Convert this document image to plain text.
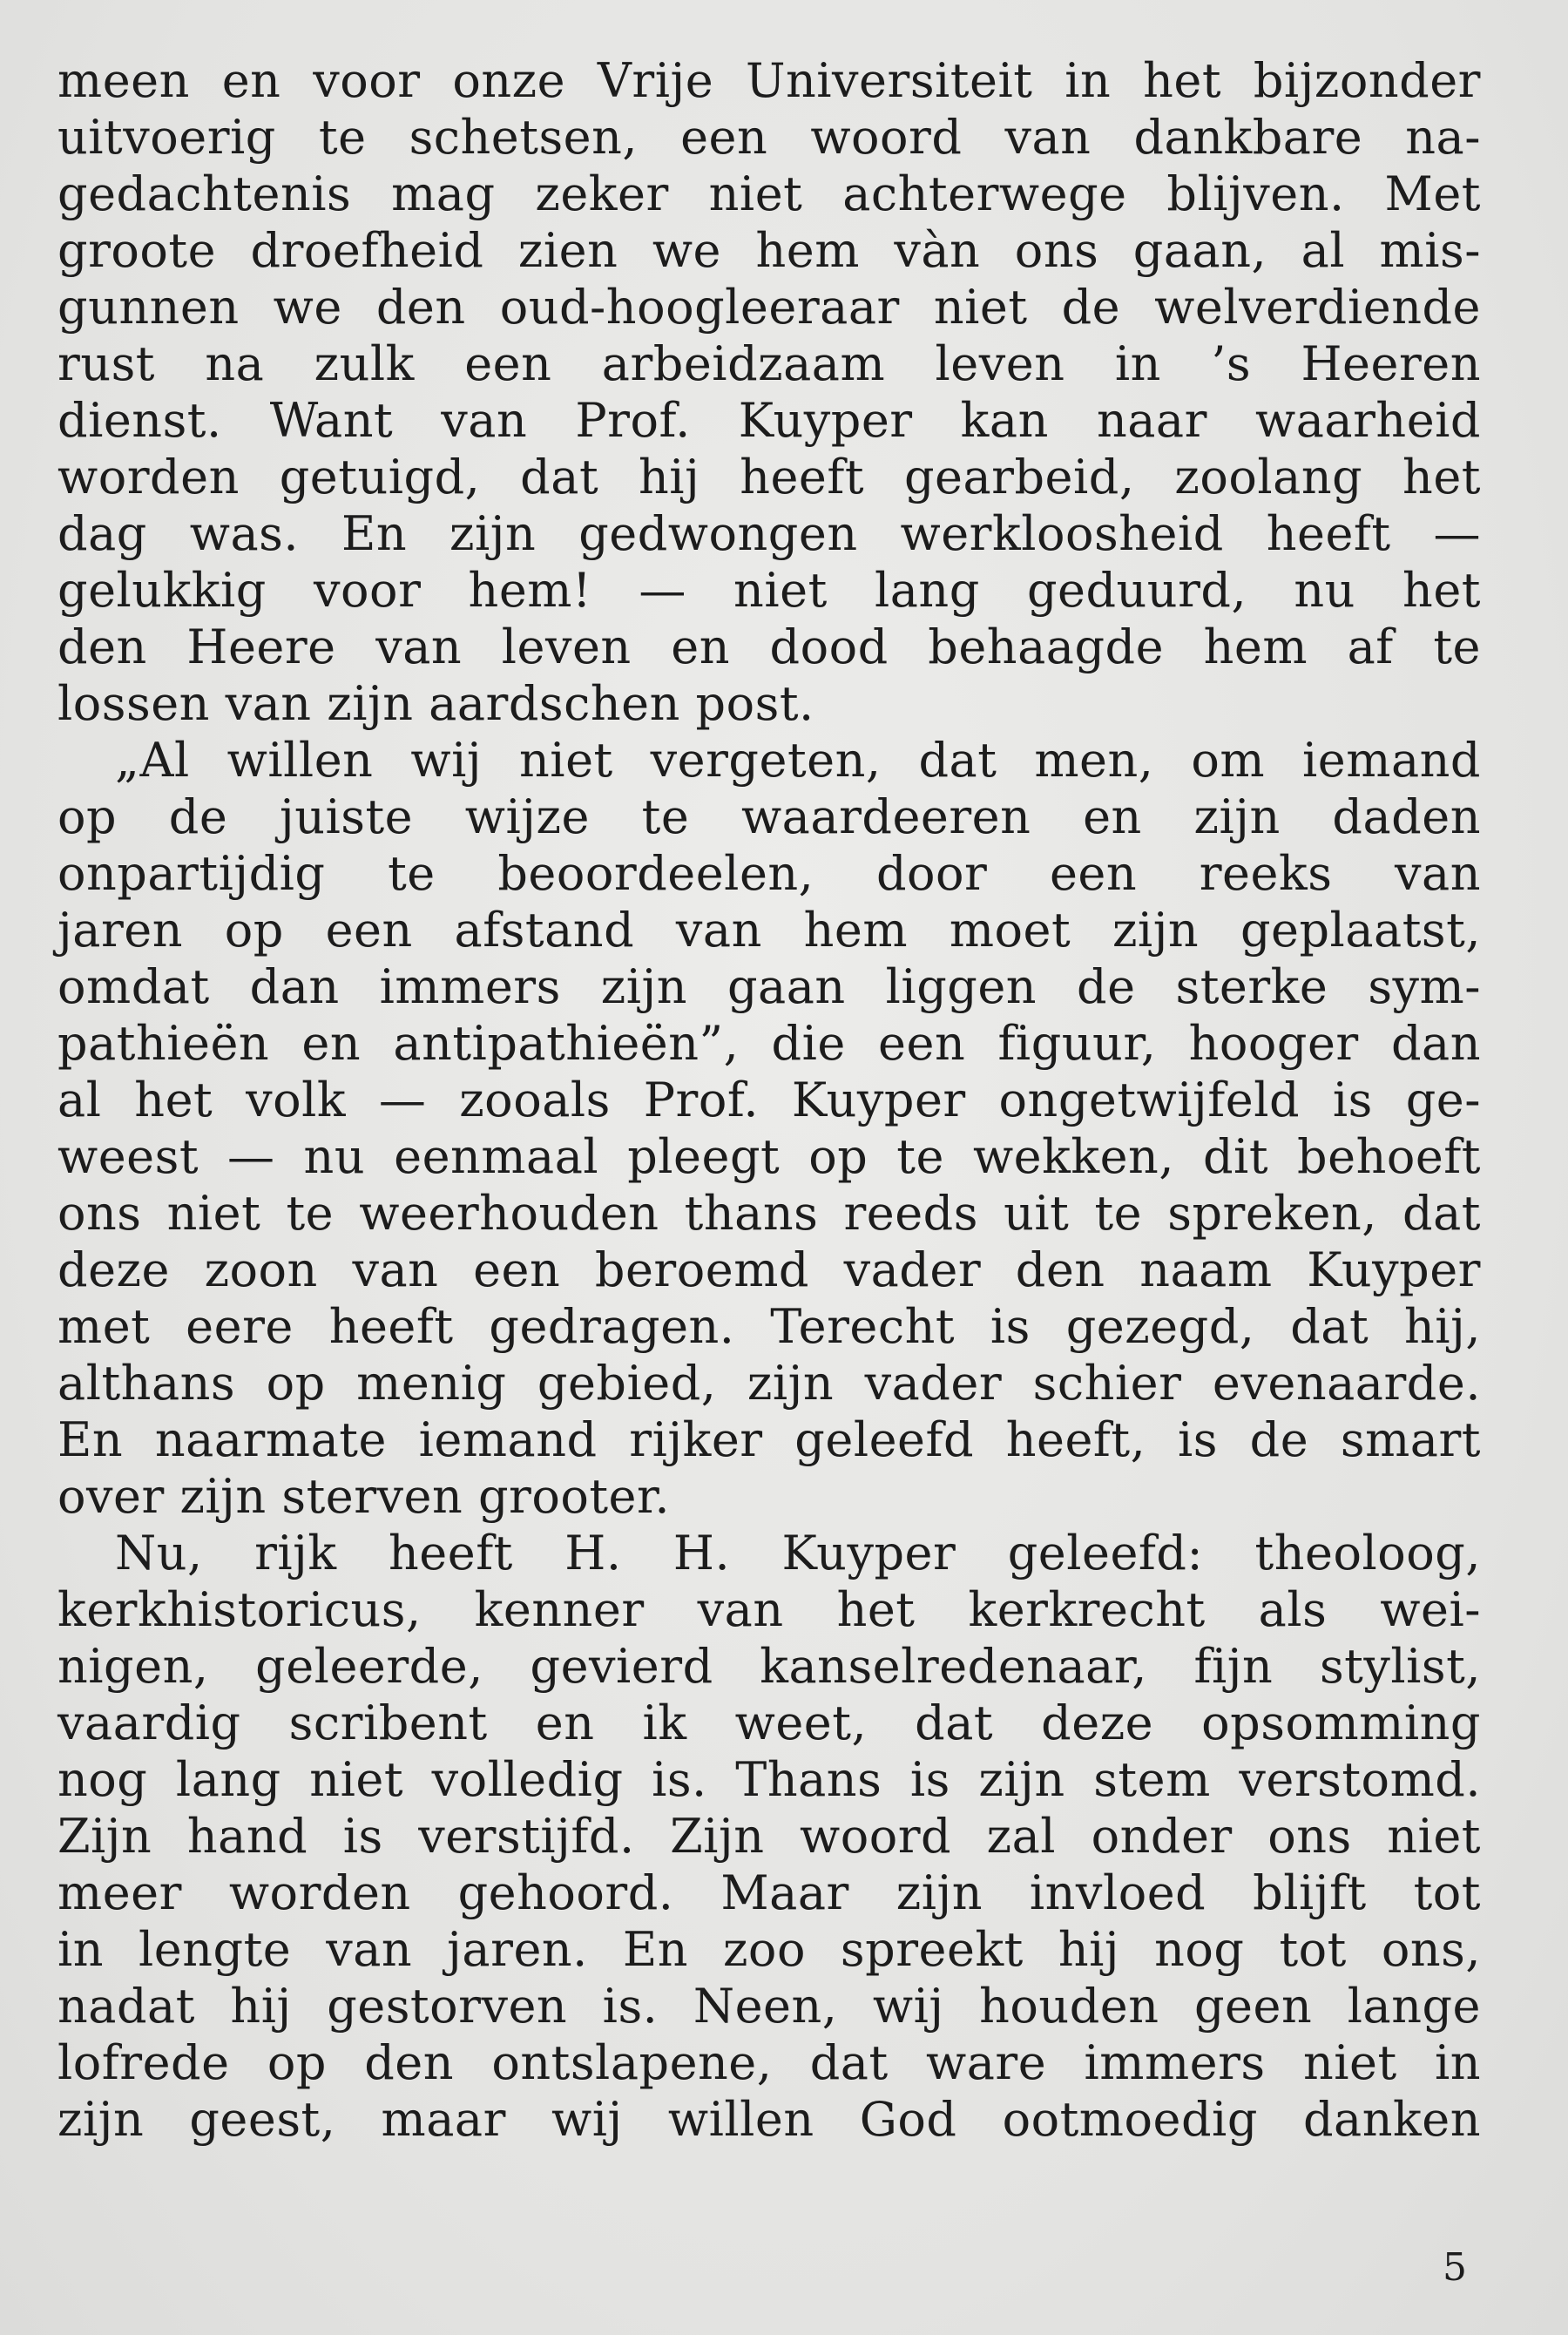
meen en voor onze Vrije Universiteit in het bijzonder
uitvoerig te schetsen, een woord van dankbare na-
gedachtenis mag zeker niet achterwege blijven. Met
groote droefheid zien we hem vàn ons gaan, al mis-
gunnen we den oud-hoogleeraar niet de welverdiende
rust na zulk een arbeidzaam leven in ’s Heeren
dienst. Want van Prof. Kuyper kan naar waarheid
worden getuigd, dat hij heeft gearbeid, zoolang het
dag was. En zijn gedwongen werkloosheid heeft —
gelukkig voor hem! — niet lang geduurd, nu het
den Heere van leven en dood behaagde hem af te
lossen van zijn aardschen post.
„Al willen wij niet vergeten, dat men, om iemand
op de juiste wijze te waardeeren en zijn daden
onpartijdig te beoordeelen, door een reeks van
jaren op een afstand van hem moet zijn geplaatst,
omdat dan immers zijn gaan liggen de sterke sym-
pathieën en antipathieën”, die een figuur, hooger dan
al het volk — zooals Prof. Kuyper ongetwijfeld is ge-
weest — nu eenmaal pleegt op te wekken, dit behoeft
ons niet te weerhouden thans reeds uit te spreken, dat
deze zoon van een beroemd vader den naam Kuyper
met eere heeft gedragen. Terecht is gezegd, dat hij,
althans op menig gebied, zijn vader schier evenaarde.
En naarmate iemand rijker geleefd heeft, is de smart
over zijn sterven grooter.
Nu, rijk heeft H. H. Kuyper geleefd: theoloog,
kerkhistoricus, kenner van het kerkrecht als wei-
nigen, geleerde, gevierd kanselredenaar, fijn stylist,
vaardig scribent en ik weet, dat deze opsomming
nog lang niet volledig is. Thans is zijn stem verstomd.
Zijn hand is verstijfd. Zijn woord zal onder ons niet
meer worden gehoord. Maar zijn invloed blijft tot
in lengte van jaren. En zoo spreekt hij nog tot ons,
nadat hij gestorven is. Neen, wij houden geen lange
lofrede op den ontslapene, dat ware immers niet in
zijn geest, maar wij willen God ootmoedig danken
5
